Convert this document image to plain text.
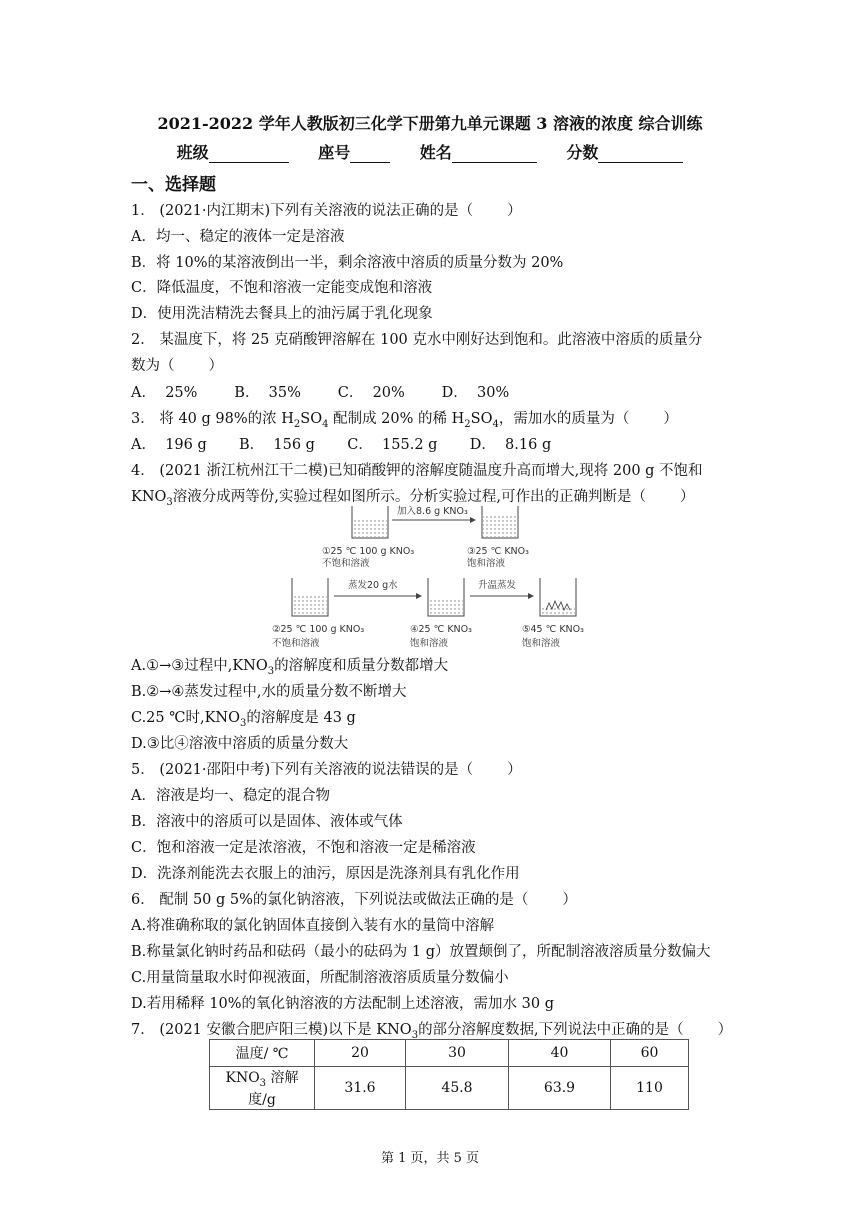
2021-2022 学年人教版初三化学下册第九单元课题 3 溶液的浓度 综合训练
班级	座号	姓名	分数
一、选择题
1． (2021·内江期末)下列有关溶液的说法正确的是（ ）
A．均一、稳定的液体一定是溶液
B．将 10%的某溶液倒出一半，剩余溶液中溶质的质量分数为 20%
C．降低温度，不饱和溶液一定能变成饱和溶液
D．使用洗洁精洗去餐具上的油污属于乳化现象
2． 某温度下，将 25 克硝酸钾溶解在 100 克水中刚好达到饱和。此溶液中溶质的质量分
数为（ ）
A．  25%        B．  35%        C．  20%        D．  30%
3． 将 40 g 98%的浓 $H_2SO_4$ 配制成 20% 的稀 $H_2SO_4$，需加水的质量为（ ）
A．  196 g       B．  156 g       C．  155.2 g       D．  8.16 g
4． (2021 浙江杭州江干二模)已知硝酸钾的溶解度随温度升高而增大,现将 200 g 不饱和
$KNO_3$溶液分成两等份,实验过程如图所示。分析实验过程,可作出的正确判断是（ ）
加入8.6 g KNO₃
①25 ℃ 100 g KNO₃
不饱和溶液
③25 ℃ KNO₃
饱和溶液
蒸发20 g水	升温蒸发
②25 ℃ 100 g KNO₃
不饱和溶液
④25 ℃ KNO₃
饱和溶液
⑤45 ℃ KNO₃
饱和溶液
A.①→③过程中$,KNO_3$的溶解度和质量分数都增大
B.②→④蒸发过程中,水的质量分数不断增大
C.25 ℃时$,KNO_3$的溶解度是 43 g
D.③比④溶液中溶质的质量分数大
5． (2021·邵阳中考)下列有关溶液的说法错误的是（ ）
A．溶液是均一、稳定的混合物
B．溶液中的溶质可以是固体、液体或气体
C．饱和溶液一定是浓溶液，不饱和溶液一定是稀溶液
D．洗涤剂能洗去衣服上的油污，原因是洗涤剂具有乳化作用
6． 配制 50 g 5%的氯化钠溶液，下列说法或做法正确的是（ ）
A.将准确称取的氯化钠固体直接倒入装有水的量筒中溶解
B.称量氯化钠时药品和砝码（最小的砝码为 1 g）放置颠倒了，所配制溶液溶质量分数偏大
C.用量筒量取水时仰视液面，所配制溶液溶质质量分数偏小
D.若用稀释 10%的氧化钠溶液的方法配制上述溶液，需加水 30 g
7． (2021 安徽合肥庐阳三模)以下是 $KNO_3$的部分溶解度数据,下列说法中正确的是（ ）
温度/ ℃	20	30	40	60
$KNO_3$ 溶解度/g	31.6	45.8	63.9	110
第 1 页，共 5 页
